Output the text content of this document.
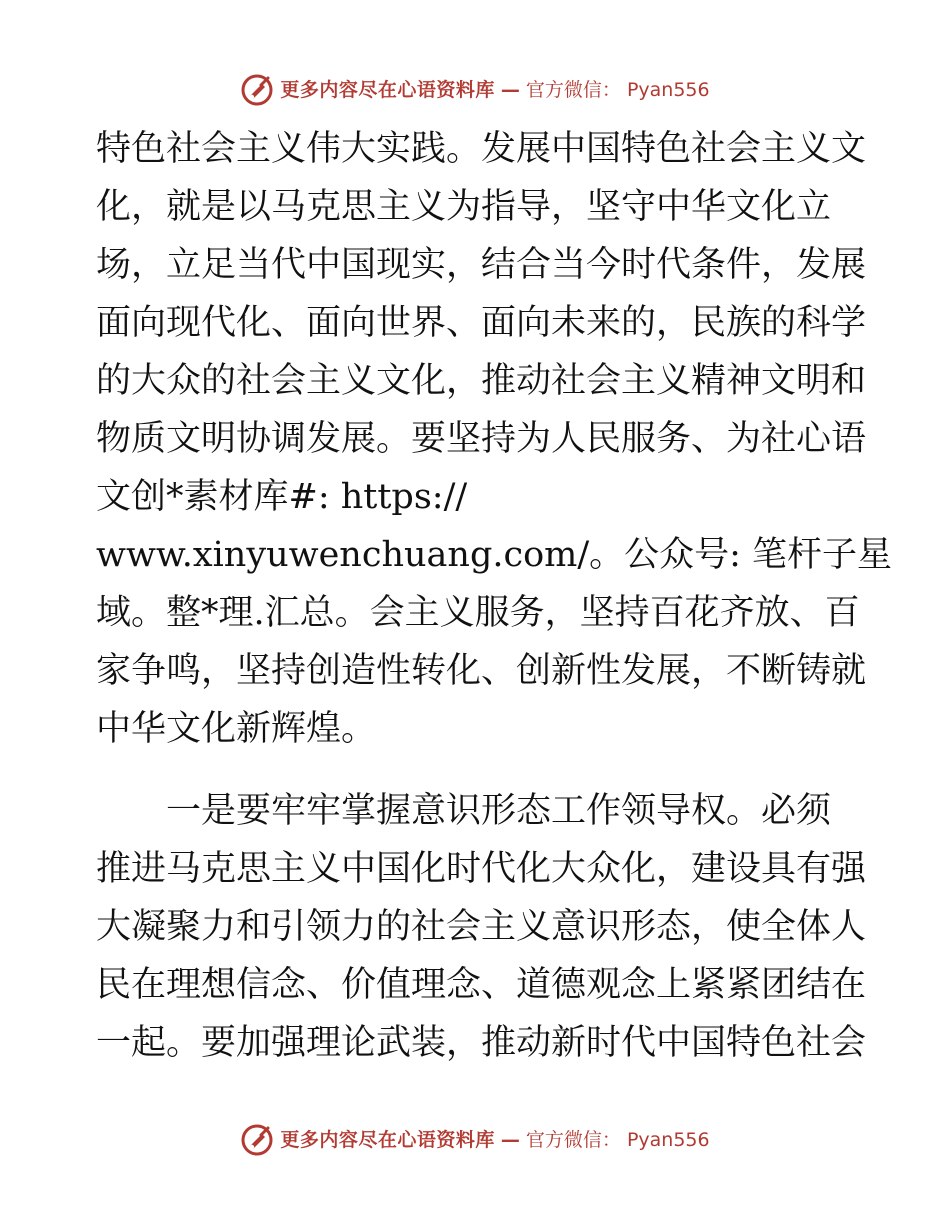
更多内容尽在心语资料库 — 官方微信： Pyan556
特色社会主义伟大实践。发展中国特色社会主义文
化，就是以马克思主义为指导，坚守中华文化立
场，立足当代中国现实，结合当今时代条件，发展
面向现代化、面向世界、面向未来的，民族的科学
的大众的社会主义文化，推动社会主义精神文明和
物质文明协调发展。要坚持为人民服务、为社心语
文创*素材库#: https://
www.xinyuwenchuang.com/。公众号: 笔杆子星
域。整*理.汇总。会主义服务，坚持百花齐放、百
家争鸣，坚持创造性转化、创新性发展，不断铸就
中华文化新辉煌。
一是要牢牢掌握意识形态工作领导权。必须
推进马克思主义中国化时代化大众化，建设具有强
大凝聚力和引领力的社会主义意识形态，使全体人
民在理想信念、价值理念、道德观念上紧紧团结在
一起。要加强理论武装，推动新时代中国特色社会
更多内容尽在心语资料库 — 官方微信： Pyan556
